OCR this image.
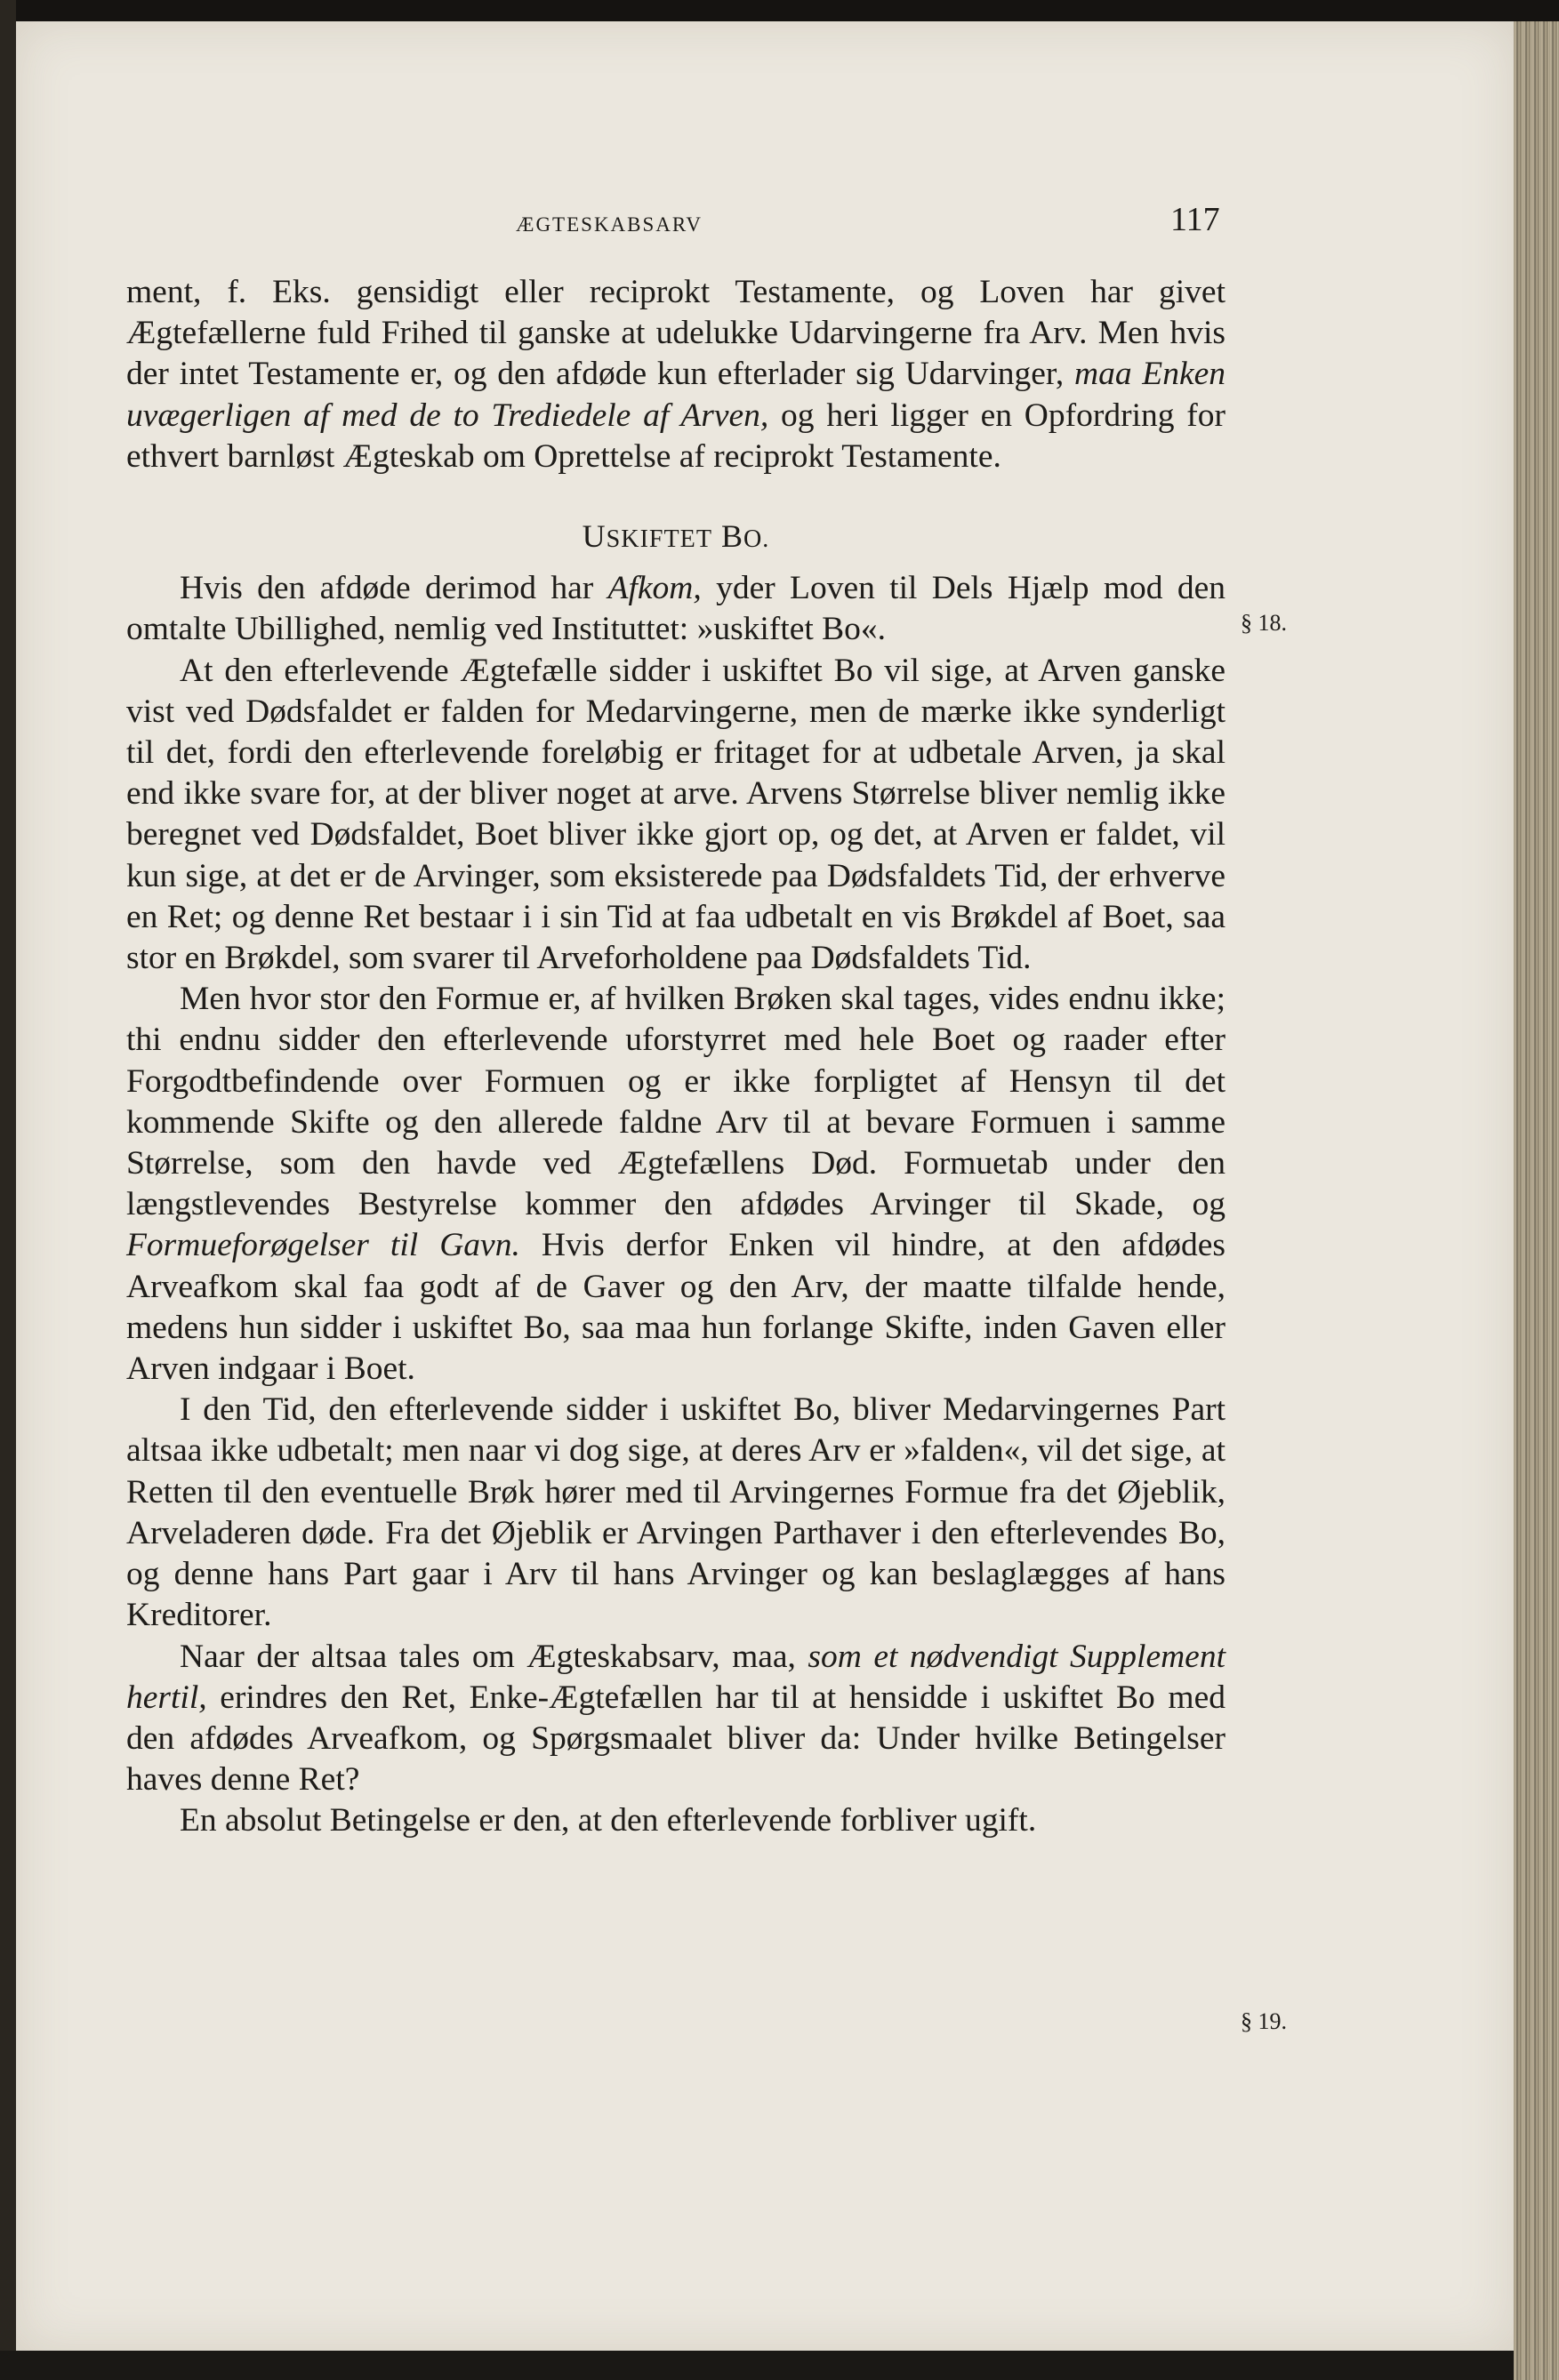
ÆGTESKABSARV	117

ment, f. Eks. gensidigt eller reciprokt Testamente, og Loven har givet Ægtefællerne fuld Frihed til ganske at udelukke Udarvingerne fra Arv. Men hvis der intet Testamente er, og den afdøde kun efterlader sig Udarvinger, maa Enken uvægerligen af med de to Trediedele af Arven, og heri ligger en Opfordring for ethvert barnløst Ægteskab om Oprettelse af reciprokt Testamente.

USKIFTET BO.

Hvis den afdøde derimod har Afkom, yder Loven til Dels Hjælp mod den omtalte Ubillighed, nemlig ved Instituttet: »uskiftet Bo«.

At den efterlevende Ægtefælle sidder i uskiftet Bo vil sige, at Arven ganske vist ved Dødsfaldet er falden for Medarvingerne, men de mærke ikke synderligt til det, fordi den efterlevende foreløbig er fritaget for at udbetale Arven, ja skal end ikke svare for, at der bliver noget at arve. Arvens Størrelse bliver nemlig ikke beregnet ved Dødsfaldet, Boet bliver ikke gjort op, og det, at Arven er faldet, vil kun sige, at det er de Arvinger, som eksisterede paa Dødsfaldets Tid, der erhverve en Ret; og denne Ret bestaar i i sin Tid at faa udbetalt en vis Brøkdel af Boet, saa stor en Brøkdel, som svarer til Arveforholdene paa Dødsfaldets Tid.

Men hvor stor den Formue er, af hvilken Brøken skal tages, vides endnu ikke; thi endnu sidder den efterlevende uforstyrret med hele Boet og raader efter Forgodtbefindende over Formuen og er ikke forpligtet af Hensyn til det kommende Skifte og den allerede faldne Arv til at bevare Formuen i samme Størrelse, som den havde ved Ægtefællens Død. Formuetab under den længstlevendes Bestyrelse kommer den afdødes Arvinger til Skade, og Formueforøgelser til Gavn. Hvis derfor Enken vil hindre, at den afdødes Arveafkom skal faa godt af de Gaver og den Arv, der maatte tilfalde hende, medens hun sidder i uskiftet Bo, saa maa hun forlange Skifte, inden Gaven eller Arven indgaar i Boet.

I den Tid, den efterlevende sidder i uskiftet Bo, bliver Medarvingernes Part altsaa ikke udbetalt; men naar vi dog sige, at deres Arv er »falden«, vil det sige, at Retten til den eventuelle Brøk hører med til Arvingernes Formue fra det Øjeblik, Arveladeren døde. Fra det Øjeblik er Arvingen Parthaver i den efterlevendes Bo, og denne hans Part gaar i Arv til hans Arvinger og kan beslaglægges af hans Kreditorer.

Naar der altsaa tales om Ægteskabsarv, maa, som et nødvendigt Supplement hertil, erindres den Ret, Enke-Ægtefællen har til at hensidde i uskiftet Bo med den afdødes Arveafkom, og Spørgsmaalet bliver da: Under hvilke Betingelser haves denne Ret?

En absolut Betingelse er den, at den efterlevende forbliver ugift.

§ 18.
§ 19.
